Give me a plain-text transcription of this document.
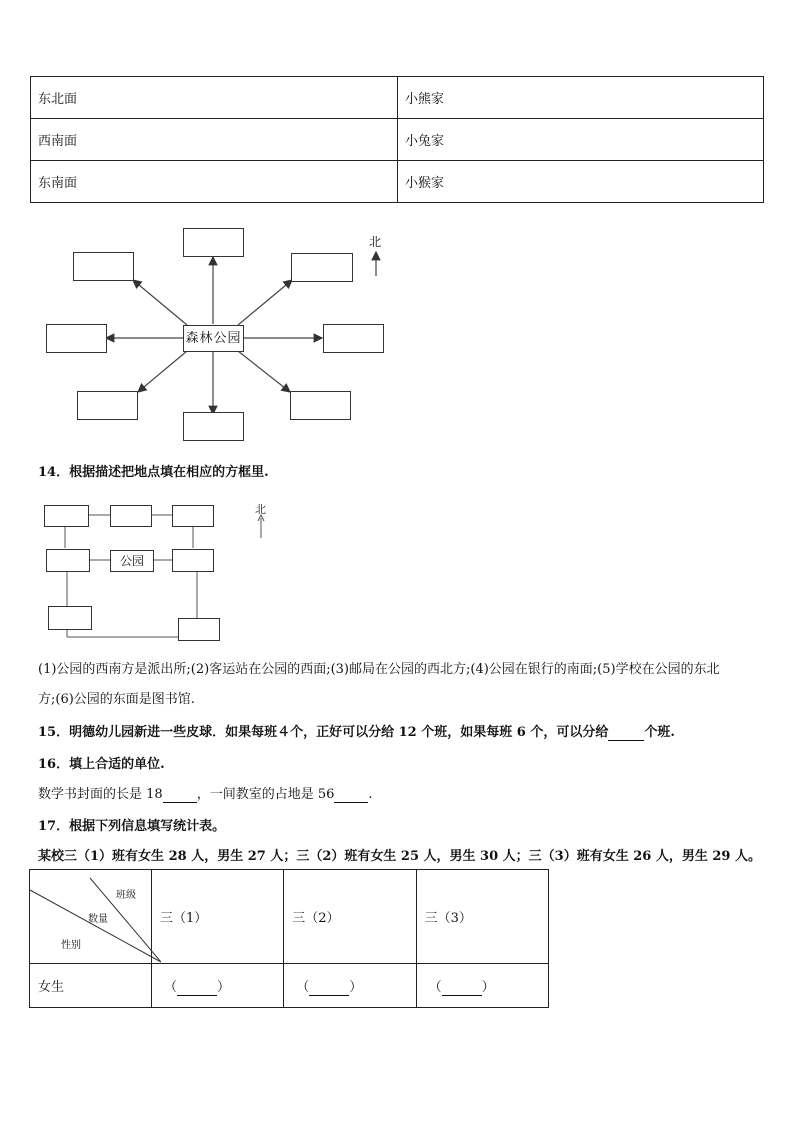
东北面	小熊家
西南面	小兔家
东南面	小猴家
森林公园
北
14．根据描述把地点填在相应的方框里.
公园
北
(1)公园的西南方是派出所;(2)客运站在公园的西面;(3)邮局在公园的西北方;(4)公园在银行的南面;(5)学校在公园的东北
方;(6)公园的东面是图书馆.
15．明德幼儿园新进一些皮球．如果每班４个，正好可以分给 12 个班，如果每班 6 个，可以分给	个班.
16．填上合适的单位.
数学书封面的长是 18	，一间教室的占地是 56	.
17．根据下列信息填写统计表。
某校三（1）班有女生 28 人，男生 27 人；三（2）班有女生 25 人，男生 30 人；三（3）班有女生 26 人，男生 29 人。
班级
数量
性别	三（1）	三（2）	三（3）
女生	（ ）	（ ）	（ ）
